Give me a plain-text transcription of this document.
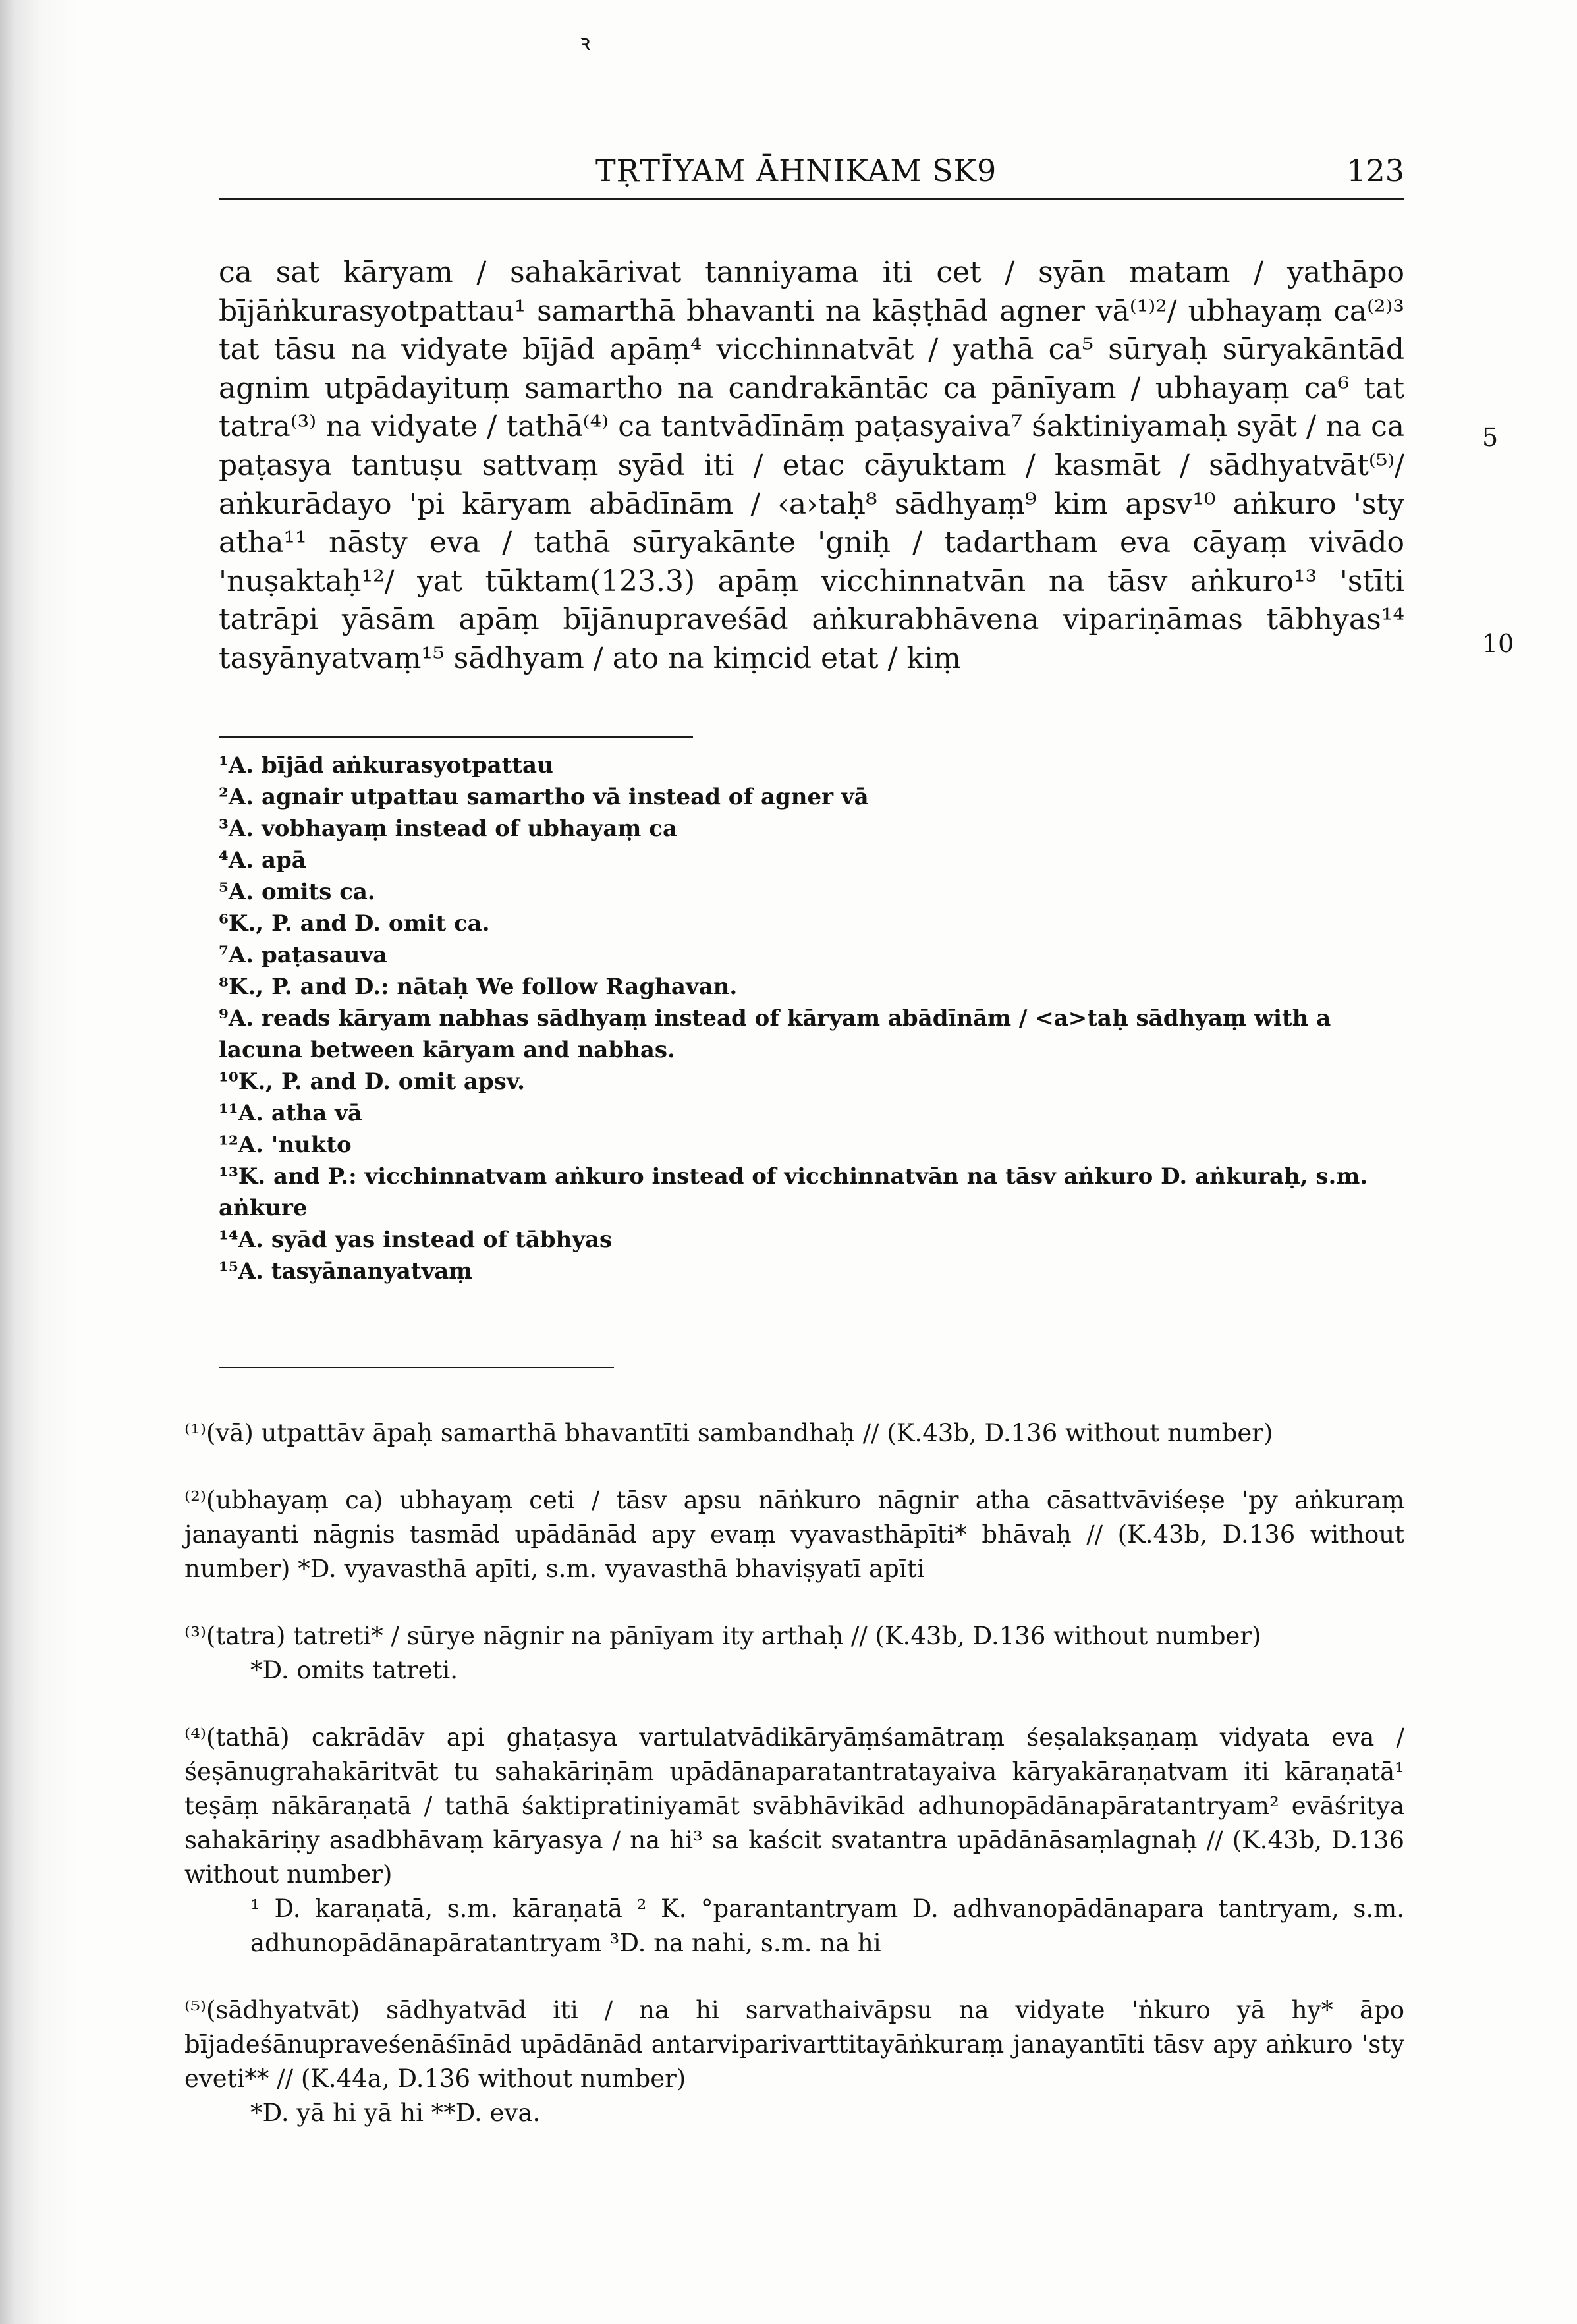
ꝛ
TṚTĪYAM ĀHNIKAM SK9	123

ca sat kāryam / sahakārivat tanniyama iti cet / syān matam / yathāpo bījāṅkurasyotpattau¹ samarthā bhavanti na kāṣṭhād agner vā⁽¹⁾²/ ubhayaṃ ca⁽²⁾³ tat tāsu na vidyate bījād apāṃ⁴ vicchinnatvāt / yathā ca⁵ sūryaḥ sūryakāntād agnim utpādayituṃ samartho na candrakāntāc ca pānīyam / ubhayaṃ ca⁶ tat tatra⁽³⁾ na vidyate / tathā⁽⁴⁾ ca tantvādīnāṃ paṭasyaiva⁷ śaktiniyamaḥ syāt / na ca paṭasya tantuṣu sattvaṃ syād iti / etac cāyuktam / kasmāt / sādhyatvāt⁽⁵⁾/ aṅkurādayo 'pi kāryam abādīnām / ‹a›taḥ⁸ sādhyaṃ⁹ kim apsv¹⁰ aṅkuro 'sty atha¹¹ nāsty eva / tathā sūryakānte 'gniḥ / tadartham eva cāyaṃ vivādo 'nuṣaktaḥ¹²/ yat tūktam(123.3) apāṃ vicchinnatvān na tāsv aṅkuro¹³ 'stīti tatrāpi yāsām apāṃ bījānupraveśād aṅkurabhāvena vipariṇāmas tābhyas¹⁴ tasyānyatvaṃ¹⁵ sādhyam / ato na kiṃcid etat / kiṃ

5
10

¹A. bījād aṅkurasyotpattau

²A. agnair utpattau samartho vā instead of agner vā

³A. vobhayaṃ instead of ubhayaṃ ca

⁴A. apā

⁵A. omits ca.

⁶K., P. and D. omit ca.

⁷A. paṭasauva

⁸K., P. and D.: nātaḥ We follow Raghavan.

⁹A. reads kāryam nabhas sādhyaṃ instead of kāryam abādīnām / <a>taḥ sādhyaṃ with a lacuna between kāryam and nabhas.

¹⁰K., P. and D. omit apsv.

¹¹A. atha vā

¹²A. 'nukto

¹³K. and P.: vicchinnatvam aṅkuro instead of vicchinnatvān na tāsv aṅkuro D. aṅkuraḥ, s.m. aṅkure

¹⁴A. syād yas instead of tābhyas

¹⁵A. tasyānanyatvaṃ

⁽¹⁾(vā) utpattāv āpaḥ samarthā bhavantīti sambandhaḥ // (K.43b, D.136 without number)

⁽²⁾(ubhayaṃ ca) ubhayaṃ ceti / tāsv apsu nāṅkuro nāgnir atha cāsattvāviśeṣe 'py aṅkuraṃ janayanti nāgnis tasmād upādānād apy evaṃ vyavasthāpīti* bhāvaḥ // (K.43b, D.136 without number) *D. vyavasthā apīti, s.m. vyavasthā bhaviṣyatī apīti

⁽³⁾(tatra) tatreti* / sūrye nāgnir na pānīyam ity arthaḥ // (K.43b, D.136 without number)
*D. omits tatreti.

⁽⁴⁾(tathā) cakrādāv api ghaṭasya vartulatvādikāryāṃśamātraṃ śeṣalakṣaṇaṃ vidyata eva / śeṣānugrahakāritvāt tu sahakāriṇām upādānaparatantratayaiva kāryakāraṇatvam iti kāraṇatā¹ teṣāṃ nākāraṇatā / tathā śaktipratiniyamāt svābhāvikād adhunopādānapāratantryam² evāśritya sahakāriṇy asadbhāvaṃ kāryasya / na hi³ sa kaścit svatantra upādānāsaṃlagnaḥ // (K.43b, D.136 without number)
¹ D. karaṇatā, s.m. kāraṇatā ² K. °parantantryam D. adhvanopādānapara tantryam, s.m. adhunopādānapāratantryam ³D. na nahi, s.m. na hi

⁽⁵⁾(sādhyatvāt) sādhyatvād iti / na hi sarvathaivāpsu na vidyate 'ṅkuro yā hy* āpo bījadeśānupraveśenāśīnād upādānād antarviparivarttitayāṅkuraṃ janayantīti tāsv apy aṅkuro 'sty eveti** // (K.44a, D.136 without number)
*D. yā hi yā hi **D. eva.
